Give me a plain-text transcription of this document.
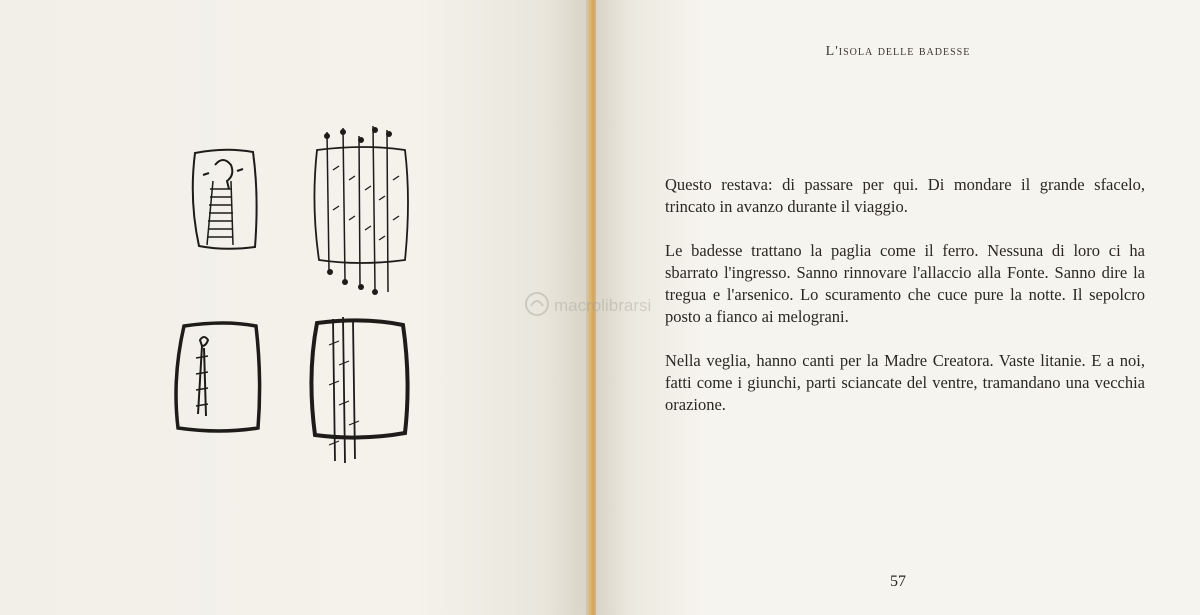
L'isola delle badesse

Questo restava: di passare per qui. Di mondare il grande sfacelo, trincato in avanzo durante il viaggio.

Le badesse trattano la paglia come il ferro. Nessuna di loro ci ha sbarrato l'ingresso. Sanno rinnovare l'allaccio alla Fonte. Sanno dire la tregua e l'arsenico. Lo scuramento che cuce pure la notte. Il sepolcro posto a fianco ai melograni.

Nella veglia, hanno canti per la Madre Creatora. Vaste litanie. E a noi, fatti come i giunchi, parti sciancate del ventre, tramandano una vecchia orazione.

57
macrolibrarsi
